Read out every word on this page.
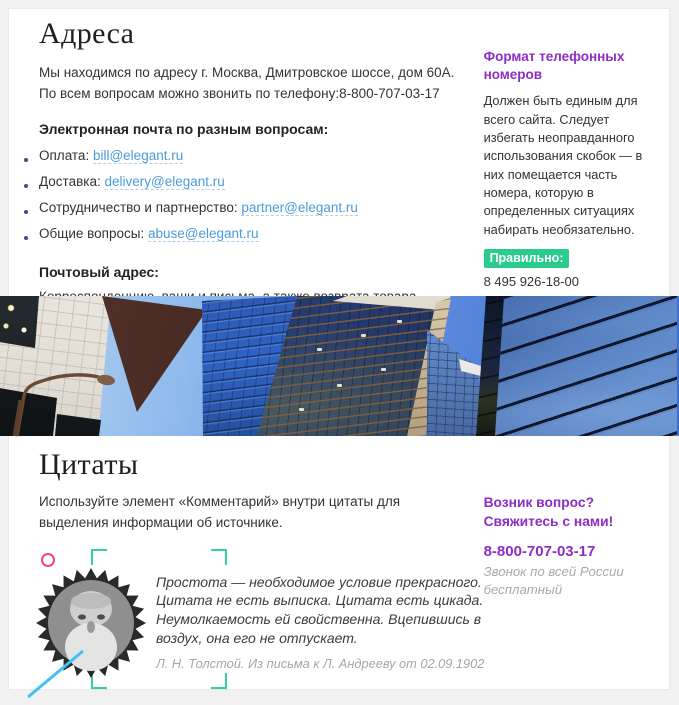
Адреса

Мы находимся по адресу г. Москва, Дмитровское шоссе, дом 60А. По всем вопросам можно звонить по телефону:8-800-707-03-17

Электронная почта по разным вопросам:
Оплата: bill@elegant.ru
Доставка: delivery@elegant.ru
Сотрудничество и партнерство: partner@elegant.ru
Общие вопросы: abuse@elegant.ru
Почтовый адрес:

Формат телефонных номеров

Должен быть единым для всего сайта. Следует избегать неоправданного использования скобок — в них помещается часть номера, которую в определенных ситуациях набирать необязательно.

Правильно:
8 495 926-18-00
Цитаты

Используйте элемент «Комментарий» внутри цитаты для выделения информации об источнике.

Простота — необходимое условие прекрасного. Цитата не есть выписка. Цитата есть цикада. Неумолкаемость ей свойственна. Вцепившись в воздух, она его не отпускает.
Л. Н. Толстой. Из письма к Л. Андрееву от 02.09.1902
Возник вопрос? Свяжитесь с нами!
8-800-707-03-17
Звонок по всей России бесплатный
